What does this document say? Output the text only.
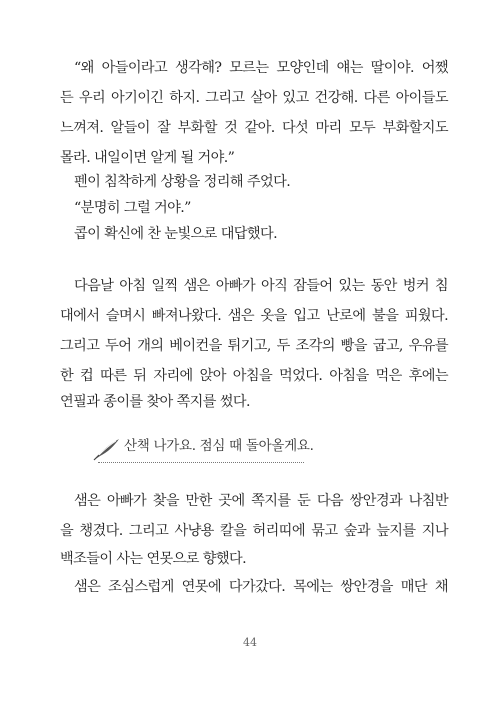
“왜 아들이라고 생각해? 모르는 모양인데 얘는 딸이야. 어쨌
든 우리 아기이긴 하지. 그리고 살아 있고 건강해. 다른 아이들도
느껴져. 알들이 잘 부화할 것 같아. 다섯 마리 모두 부화할지도
몰라. 내일이면 알게 될 거야.”
펜이 침착하게 상황을 정리해 주었다.
“분명히 그럴 거야.”
콥이 확신에 찬 눈빛으로 대답했다.
다음날 아침 일찍 샘은 아빠가 아직 잠들어 있는 동안 벙커 침
대에서 슬며시 빠져나왔다. 샘은 옷을 입고 난로에 불을 피웠다.
그리고 두어 개의 베이컨을 튀기고, 두 조각의 빵을 굽고, 우유를
한 컵 따른 뒤 자리에 앉아 아침을 먹었다. 아침을 먹은 후에는
연필과 종이를 찾아 쪽지를 썼다.
산책 나가요. 점심 때 돌아올게요.
샘은 아빠가 찾을 만한 곳에 쪽지를 둔 다음 쌍안경과 나침반
을 챙겼다. 그리고 사냥용 칼을 허리띠에 묶고 숲과 늪지를 지나
백조들이 사는 연못으로 향했다.
샘은 조심스럽게 연못에 다가갔다. 목에는 쌍안경을 매단 채
44
